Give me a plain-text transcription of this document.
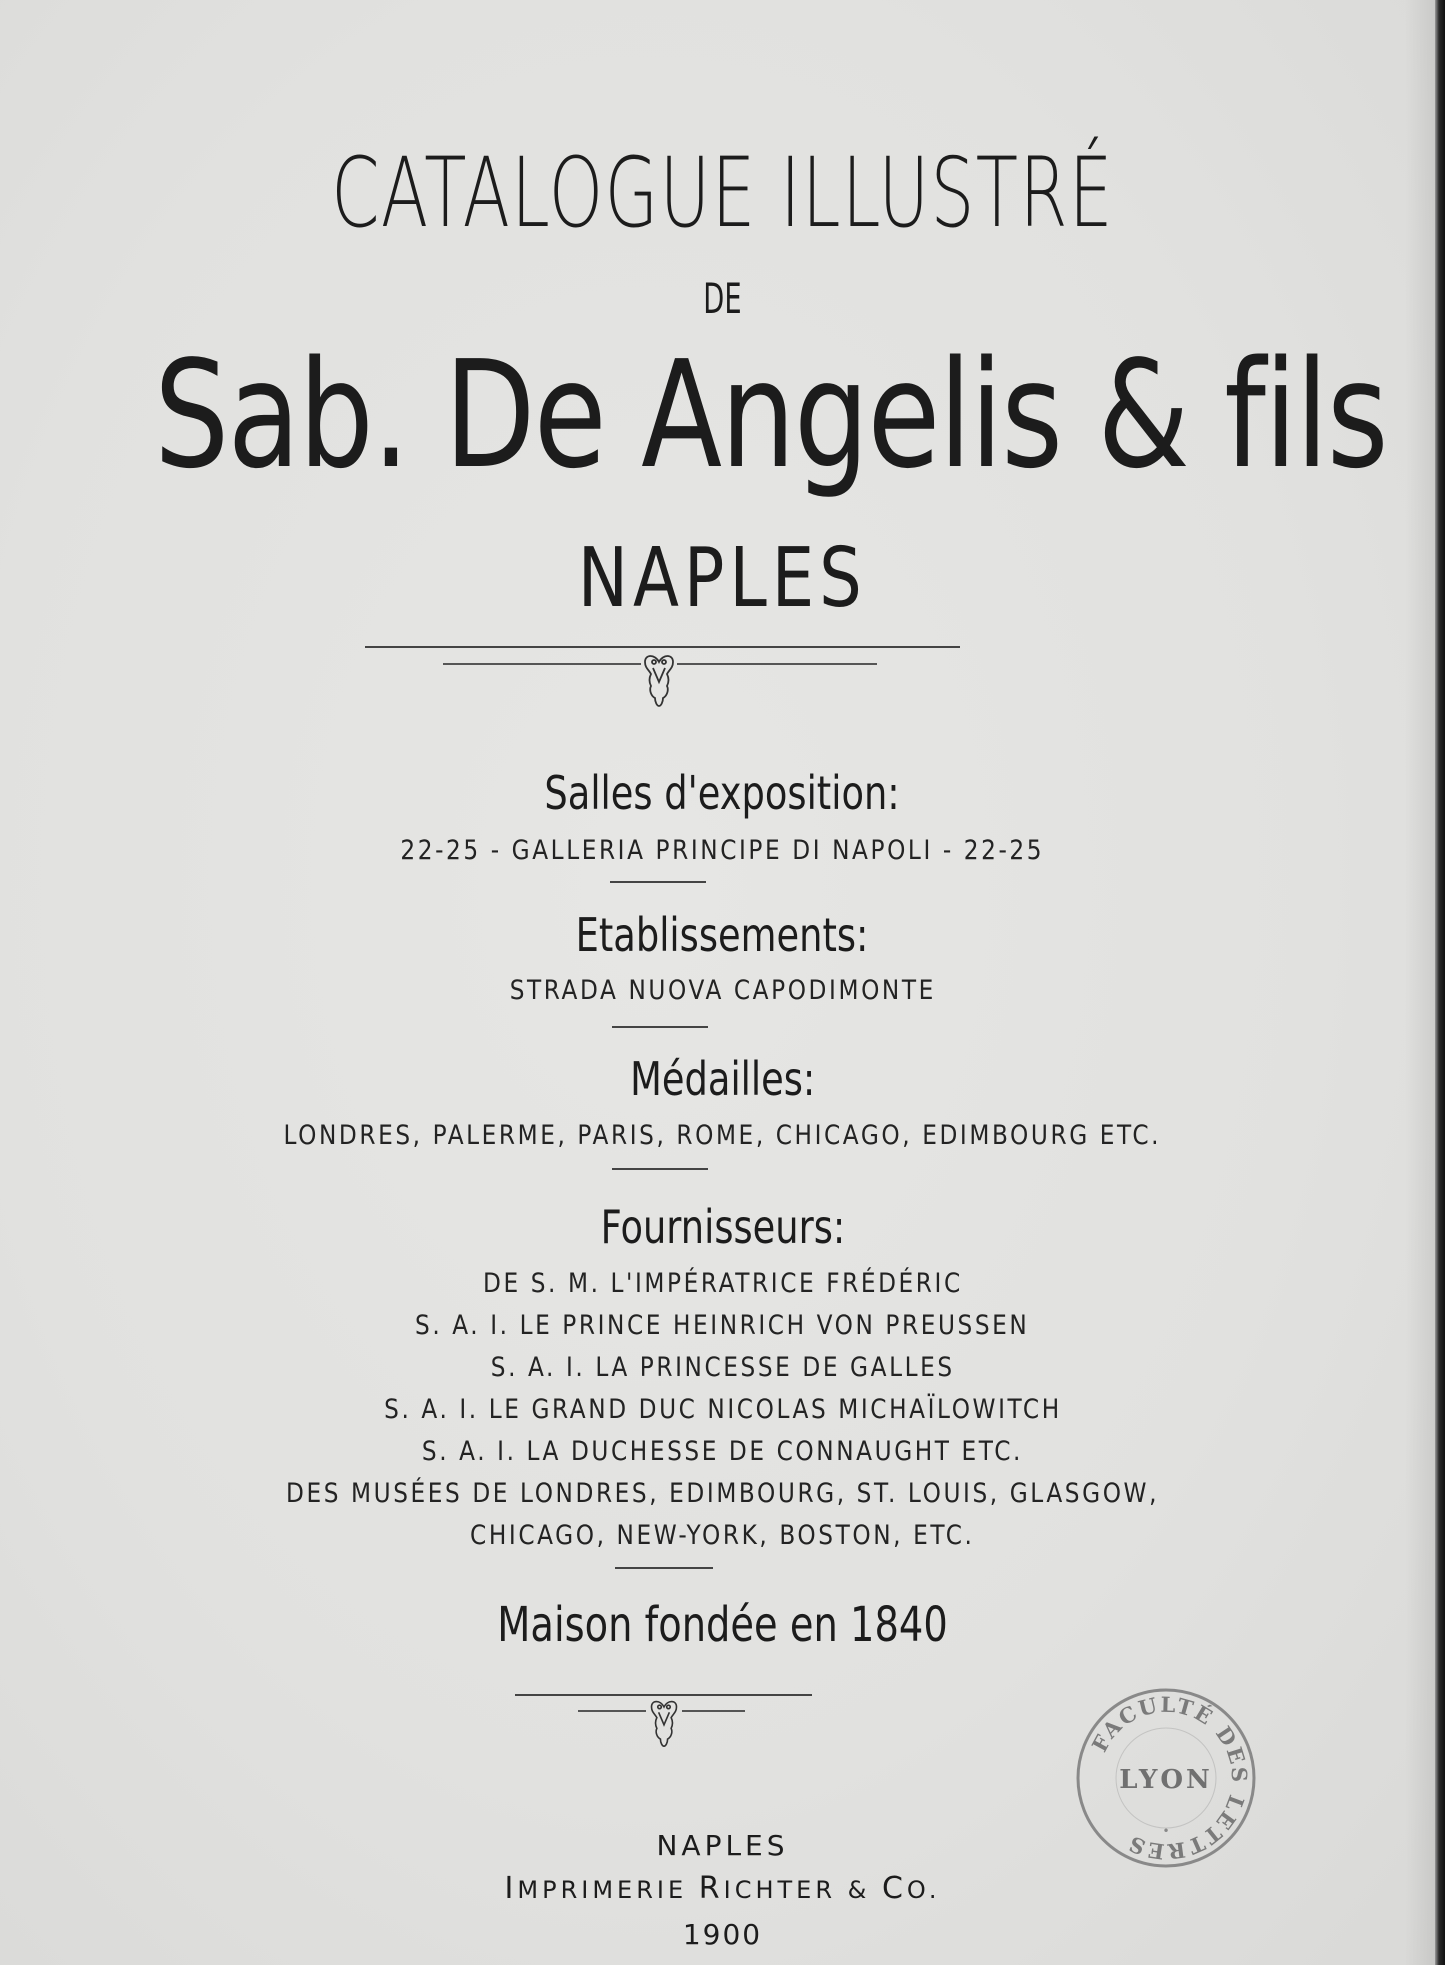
CATALOGUE ILLUSTRÉ
DE
Sab. De Angelis & fils
NAPLES
Salles d'exposition:
22-25 - GALLERIA PRINCIPE DI NAPOLI - 22-25
Etablissements:
STRADA NUOVA CAPODIMONTE
Médailles:
LONDRES, PALERME, PARIS, ROME, CHICAGO, EDIMBOURG ETC.
Fournisseurs:
DE S. M. L'IMPÉRATRICE FRÉDÉRIC
S. A. I. LE PRINCE HEINRICH VON PREUSSEN
S. A. I. LA PRINCESSE DE GALLES
S. A. I. LE GRAND DUC NICOLAS MICHAÏLOWITCH
S. A. I. LA DUCHESSE DE CONNAUGHT ETC.
DES MUSÉES DE LONDRES, EDIMBOURG, ST. LOUIS, GLASGOW,
CHICAGO, NEW-YORK, BOSTON, ETC.
Maison fondée en 1840
NAPLES
IMPRIMERIE RICHTER & CO.
1900
FACULTÉ DES LETTRES
LYON
•
